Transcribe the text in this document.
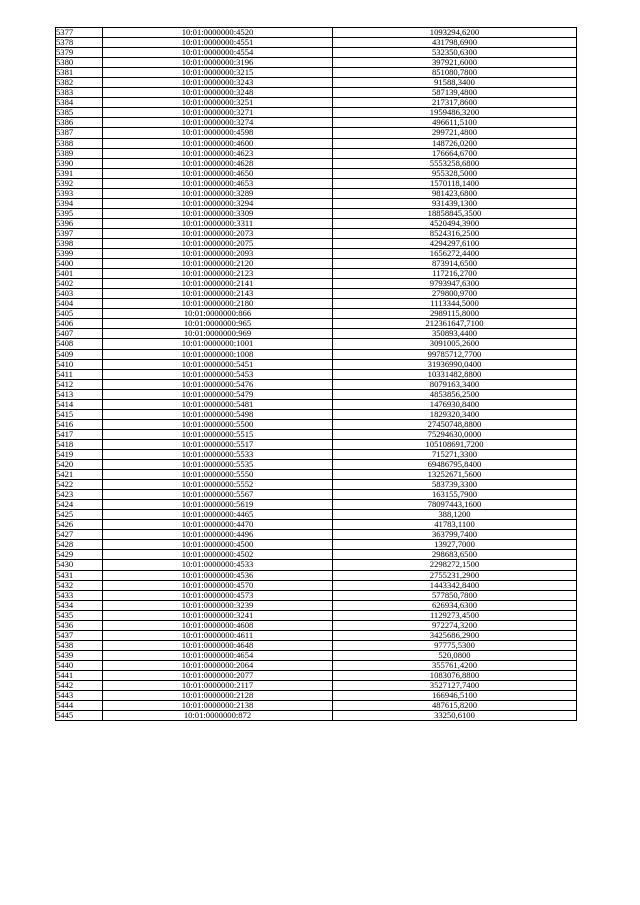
5377	10:01:0000000:4520	1093294,6200
5378	10:01:0000000:4551	431798,6900
5379	10:01:0000000:4554	532350,6300
5380	10:01:0000000:3196	397921,6000
5381	10:01:0000000:3215	851080,7800
5382	10:01:0000000:3243	91588,3400
5383	10:01:0000000:3248	587139,4800
5384	10:01:0000000:3251	217317,8600
5385	10:01:0000000:3271	1959486,3200
5386	10:01:0000000:3274	496611,5100
5387	10:01:0000000:4598	299721,4800
5388	10:01:0000000:4600	148726,0200
5389	10:01:0000000:4623	176664,6700
5390	10:01:0000000:4628	5553258,6800
5391	10:01:0000000:4650	955328,5000
5392	10:01:0000000:4653	1570118,1400
5393	10:01:0000000:3289	981423,6800
5394	10:01:0000000:3294	931439,1300
5395	10:01:0000000:3309	18858845,3500
5396	10:01:0000000:3311	4520494,3900
5397	10:01:0000000:2073	8524316,2500
5398	10:01:0000000:2075	4294297,6100
5399	10:01:0000000:2093	1656272,4400
5400	10:01:0000000:2120	873914,6500
5401	10:01:0000000:2123	117216,2700
5402	10:01:0000000:2141	9793947,6300
5403	10:01:0000000:2143	279800,9700
5404	10:01:0000000:2180	1113344,5000
5405	10:01:0000000:866	2989115,8000
5406	10:01:0000000:965	212361647,7100
5407	10:01:0000000:969	350893,4400
5408	10:01:0000000:1001	3091005,2600
5409	10:01:0000000:1008	99785712,7700
5410	10:01:0000000:5451	31936990,0400
5411	10:01:0000000:5453	10331482,8800
5412	10:01:0000000:5476	8079163,3400
5413	10:01:0000000:5479	4853856,2500
5414	10:01:0000000:5481	1476930,8400
5415	10:01:0000000:5498	1829320,3400
5416	10:01:0000000:5500	27450748,8800
5417	10:01:0000000:5515	75294630,0000
5418	10:01:0000000:5517	105108691,7200
5419	10:01:0000000:5533	715271,3300
5420	10:01:0000000:5535	69486795,8400
5421	10:01:0000000:5550	13252671,5600
5422	10:01:0000000:5552	583739,3300
5423	10:01:0000000:5567	163155,7900
5424	10:01:0000000:5619	78097443,1600
5425	10:01:0000000:4465	388,1200
5426	10:01:0000000:4470	41783,1100
5427	10:01:0000000:4496	363799,7400
5428	10:01:0000000:4500	13927,7000
5429	10:01:0000000:4502	298683,6500
5430	10:01:0000000:4533	2298272,1500
5431	10:01:0000000:4536	2755231,2900
5432	10:01:0000000:4570	1443342,8400
5433	10:01:0000000:4573	577850,7800
5434	10:01:0000000:3239	626934,6300
5435	10:01:0000000:3241	1129273,4500
5436	10:01:0000000:4608	972274,3200
5437	10:01:0000000:4611	3425686,2900
5438	10:01:0000000:4648	97775,5300
5439	10:01:0000000:4654	520,0800
5440	10:01:0000000:2064	355761,4200
5441	10:01:0000000:2077	1083076,8800
5442	10:01:0000000:2117	3527127,7400
5443	10:01:0000000:2128	166946,5100
5444	10:01:0000000:2138	487615,8200
5445	10:01:0000000:872	33250,6100
